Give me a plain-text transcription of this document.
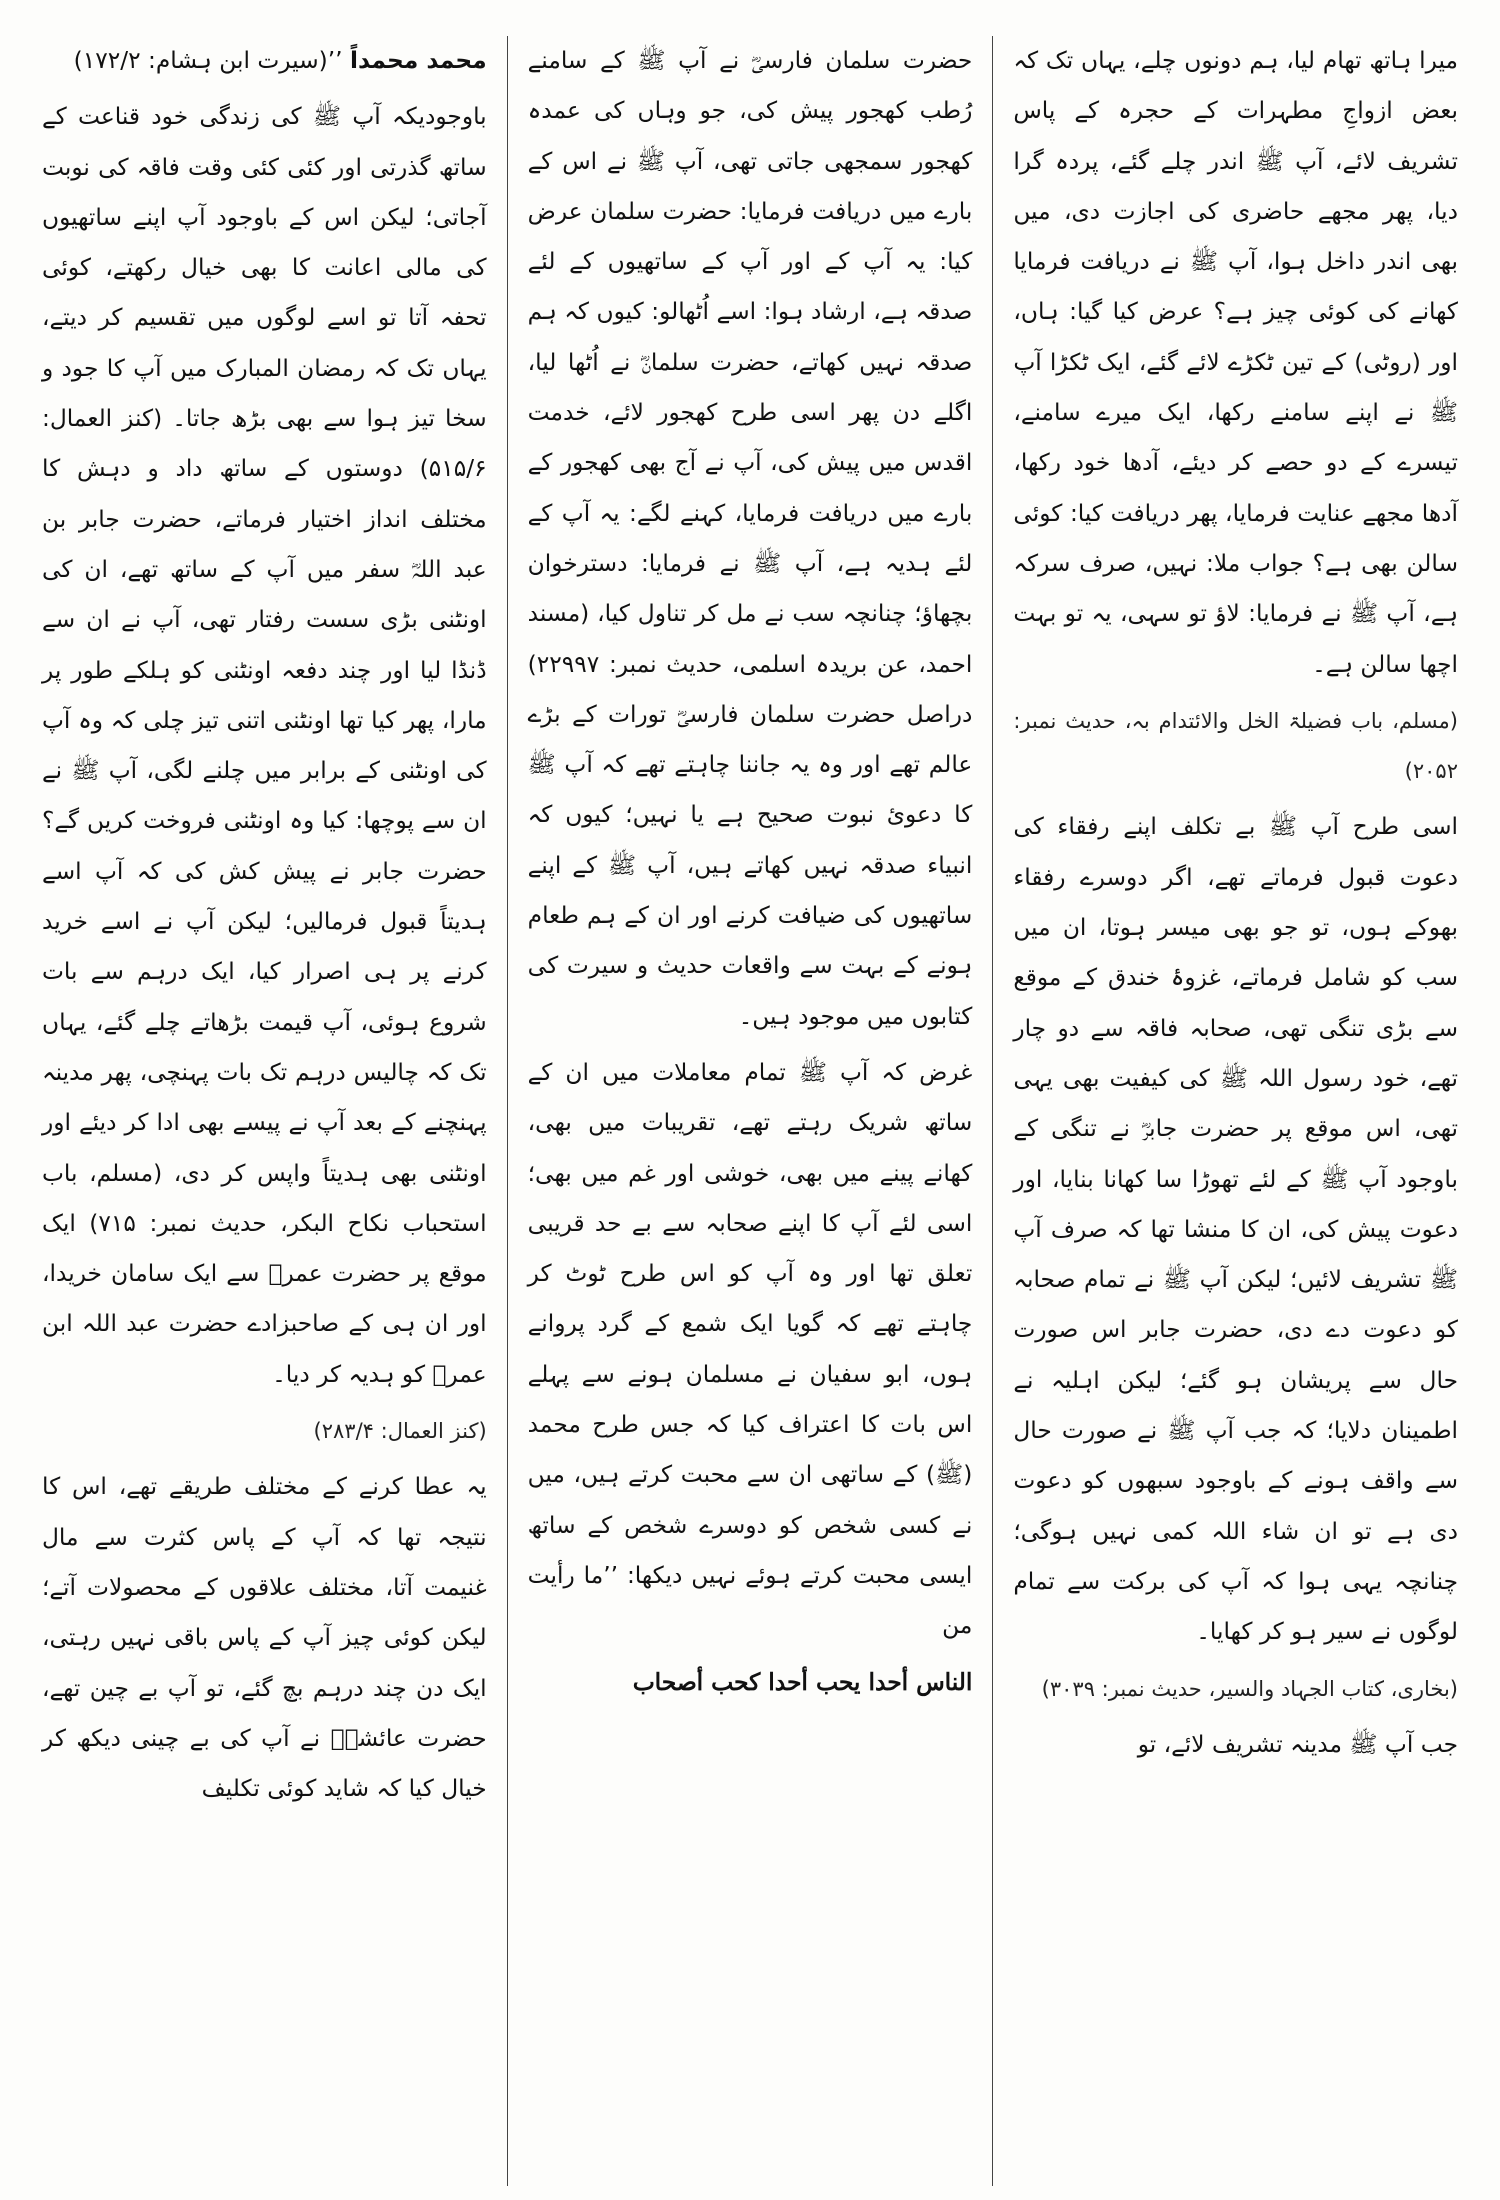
میرا ہاتھ تھام لیا، ہم دونوں چلے، یہاں تک کہ بعض ازواجِ مطہرات کے حجرہ کے پاس تشریف لائے، آپ ﷺ اندر چلے گئے، پردہ گرا دیا، پھر مجھے حاضری کی اجازت دی، میں بھی اندر داخل ہوا، آپ ﷺ نے دریافت فرمایا کھانے کی کوئی چیز ہے؟ عرض کیا گیا: ہاں، اور (روٹی) کے تین ٹکڑے لائے گئے، ایک ٹکڑا آپ ﷺ نے اپنے سامنے رکھا، ایک میرے سامنے، تیسرے کے دو حصے کر دیئے، آدھا خود رکھا، آدھا مجھے عنایت فرمایا، پھر دریافت کیا: کوئی سالن بھی ہے؟ جواب ملا: نہیں، صرف سرکہ ہے، آپ ﷺ نے فرمایا: لاؤ تو سہی، یہ تو بہت اچھا سالن ہے۔

(مسلم، باب فضیلۃ الخل والائتدام بہ، حدیث نمبر: ۲۰۵۲)

اسی طرح آپ ﷺ بے تکلف اپنے رفقاء کی دعوت قبول فرماتے تھے، اگر دوسرے رفقاء بھوکے ہوں، تو جو بھی میسر ہوتا، ان میں سب کو شامل فرماتے، غزوۂ خندق کے موقع سے بڑی تنگی تھی، صحابہ فاقہ سے دو چار تھے، خود رسول اللہ ﷺ کی کیفیت بھی یہی تھی، اس موقع پر حضرت جابرؓ نے تنگی کے باوجود آپ ﷺ کے لئے تھوڑا سا کھانا بنایا، اور دعوت پیش کی، ان کا منشا تھا کہ صرف آپ ﷺ تشریف لائیں؛ لیکن آپ ﷺ نے تمام صحابہ کو دعوت دے دی، حضرت جابر اس صورت حال سے پریشان ہو گئے؛ لیکن اہلیہ نے اطمینان دلایا؛ کہ جب آپ ﷺ نے صورت حال سے واقف ہونے کے باوجود سبھوں کو دعوت دی ہے تو ان شاء اللہ کمی نہیں ہوگی؛ چنانچہ یہی ہوا کہ آپ کی برکت سے تمام لوگوں نے سیر ہو کر کھایا۔

(بخاری، کتاب الجہاد والسیر، حدیث نمبر: ۳۰۳۹)

جب آپ ﷺ مدینہ تشریف لائے، تو

حضرت سلمان فارسیؓ نے آپ ﷺ کے سامنے رُطب کھجور پیش کی، جو وہاں کی عمدہ کھجور سمجھی جاتی تھی، آپ ﷺ نے اس کے بارے میں دریافت فرمایا: حضرت سلمان عرض کیا: یہ آپ کے اور آپ کے ساتھیوں کے لئے صدقہ ہے، ارشاد ہوا: اسے اُٹھالو: کیوں کہ ہم صدقہ نہیں کھاتے، حضرت سلمانؓ نے اُٹھا لیا، اگلے دن پھر اسی طرح کھجور لائے، خدمت اقدس میں پیش کی، آپ نے آج بھی کھجور کے بارے میں دریافت فرمایا، کہنے لگے: یہ آپ کے لئے ہدیہ ہے، آپ ﷺ نے فرمایا: دسترخوان بچھاؤ؛ چنانچہ سب نے مل کر تناول کیا، (مسند احمد، عن بریدہ اسلمی، حدیث نمبر: ۲۲۹۹۷) دراصل حضرت سلمان فارسیؓ تورات کے بڑے عالم تھے اور وہ یہ جاننا چاہتے تھے کہ آپ ﷺ کا دعویٔ نبوت صحیح ہے یا نہیں؛ کیوں کہ انبیاء صدقہ نہیں کھاتے ہیں، آپ ﷺ کے اپنے ساتھیوں کی ضیافت کرنے اور ان کے ہم طعام ہونے کے بہت سے واقعات حدیث و سیرت کی کتابوں میں موجود ہیں۔

غرض کہ آپ ﷺ تمام معاملات میں ان کے ساتھ شریک رہتے تھے، تقریبات میں بھی، کھانے پینے میں بھی، خوشی اور غم میں بھی؛ اسی لئے آپ کا اپنے صحابہ سے بے حد قریبی تعلق تھا اور وہ آپ کو اس طرح ٹوٹ کر چاہتے تھے کہ گویا ایک شمع کے گرد پروانے ہوں، ابو سفیان نے مسلمان ہونے سے پہلے اس بات کا اعتراف کیا کہ جس طرح محمد (ﷺ) کے ساتھی ان سے محبت کرتے ہیں، میں نے کسی شخص کو دوسرے شخص کے ساتھ ایسی محبت کرتے ہوئے نہیں دیکھا: ’’ما رأیت من

الناس أحدا یحب أحدا کحب أصحاب

محمد محمداً ’’(سیرت ابن ہشام: ۱۷۲/۲)

باوجودیکہ آپ ﷺ کی زندگی خود قناعت کے ساتھ گذرتی اور کئی کئی وقت فاقہ کی نوبت آجاتی؛ لیکن اس کے باوجود آپ اپنے ساتھیوں کی مالی اعانت کا بھی خیال رکھتے، کوئی تحفہ آتا تو اسے لوگوں میں تقسیم کر دیتے، یہاں تک کہ رمضان المبارک میں آپ کا جود و سخا تیز ہوا سے بھی بڑھ جاتا۔ (کنز العمال: ۵۱۵/۶) دوستوں کے ساتھ داد و دہش کا مختلف انداز اختیار فرماتے، حضرت جابر بن عبد اللہؓ سفر میں آپ کے ساتھ تھے، ان کی اونٹنی بڑی سست رفتار تھی، آپ نے ان سے ڈنڈا لیا اور چند دفعہ اونٹنی کو ہلکے طور پر مارا، پھر کیا تھا اونٹنی اتنی تیز چلی کہ وہ آپ کی اونٹنی کے برابر میں چلنے لگی، آپ ﷺ نے ان سے پوچھا: کیا وہ اونٹنی فروخت کریں گے؟ حضرت جابر نے پیش کش کی کہ آپ اسے ہدیتاً قبول فرمالیں؛ لیکن آپ نے اسے خرید کرنے پر ہی اصرار کیا، ایک درہم سے بات شروع ہوئی، آپ قیمت بڑھاتے چلے گئے، یہاں تک کہ چالیس درہم تک بات پہنچی، پھر مدینہ پہنچنے کے بعد آپ نے پیسے بھی ادا کر دیئے اور اونٹنی بھی ہدیتاً واپس کر دی، (مسلم، باب استحباب نکاح البکر، حدیث نمبر: ۷۱۵) ایک موقع پر حضرت عمرؓ سے ایک سامان خریدا، اور ان ہی کے صاحبزادے حضرت عبد اللہ ابن عمرؓ کو ہدیہ کر دیا۔

(کنز العمال: ۲۸۳/۴)

یہ عطا کرنے کے مختلف طریقے تھے، اس کا نتیجہ تھا کہ آپ کے پاس کثرت سے مال غنیمت آتا، مختلف علاقوں کے محصولات آتے؛ لیکن کوئی چیز آپ کے پاس باقی نہیں رہتی، ایک دن چند درہم بچ گئے، تو آپ بے چین تھے، حضرت عائشہؓ نے آپ کی بے چینی دیکھ کر خیال کیا کہ شاید کوئی تکلیف
